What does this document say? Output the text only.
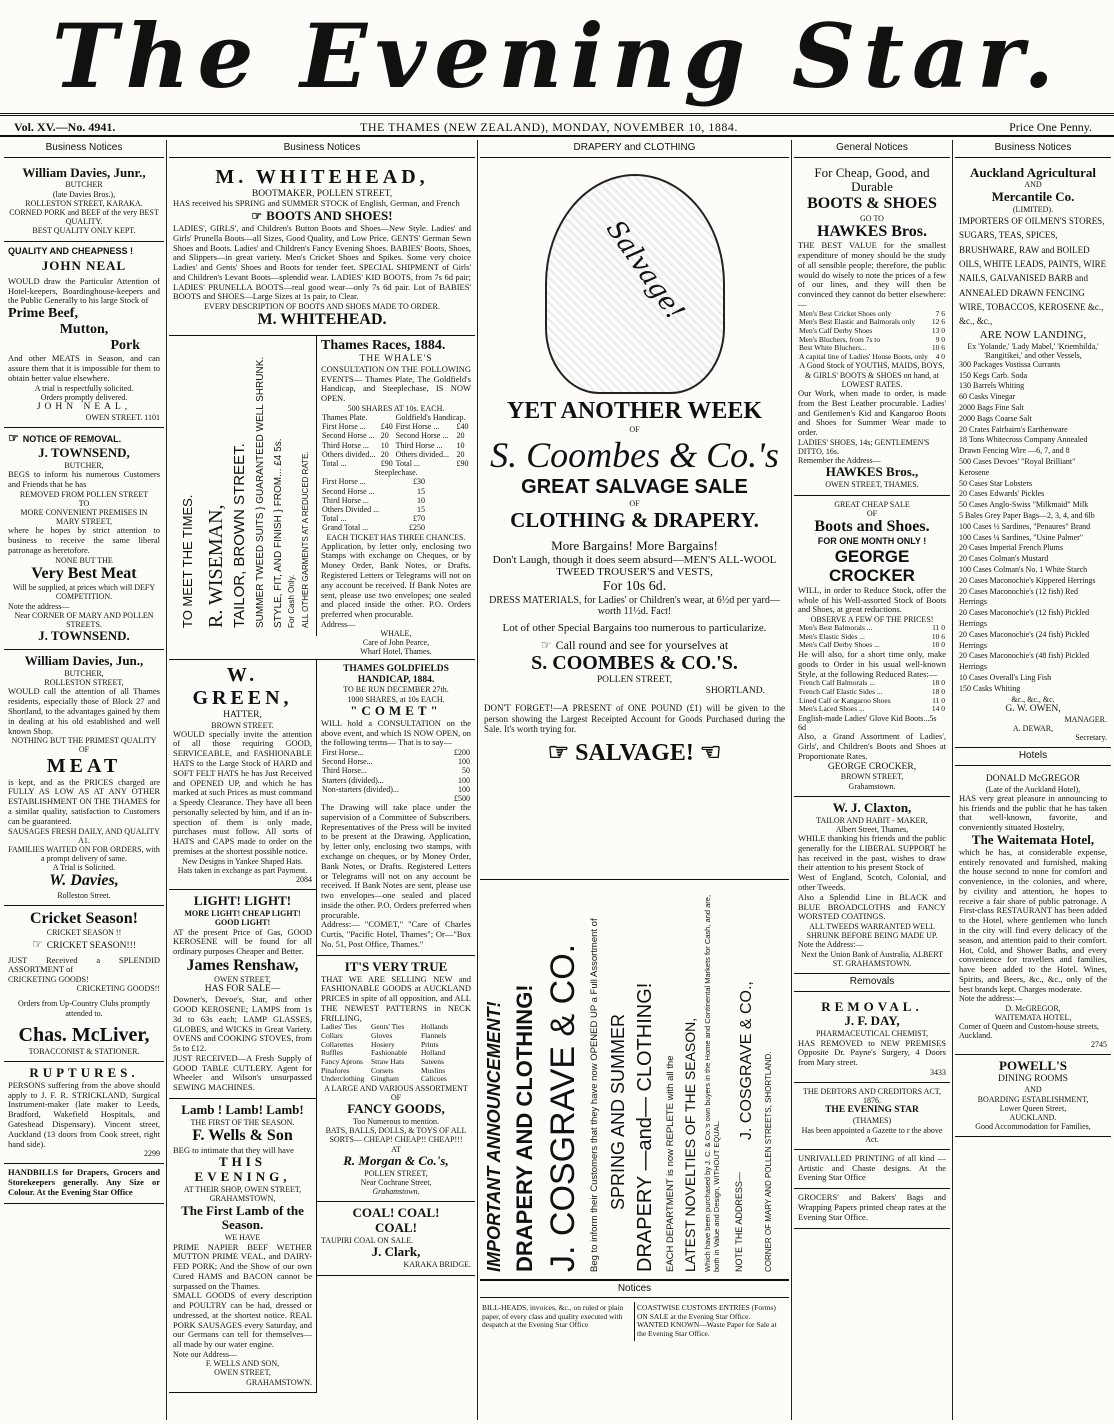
The Evening Star.
Vol. XV.—No. 4941.	THE THAMES (NEW ZEALAND), MONDAY, NOVEMBER 10, 1884.	Price One Penny.
Business Notices
William Davies, Junr.,
BUTCHER
(late Davies Bros.),
ROLLESTON STREET, KARAKA.
CORNED PORK and BEEF of the very BEST QUALITY.
BEST QUALITY ONLY KEPT.
QUALITY AND CHEAPNESS !
JOHN NEAL
WOULD draw the Particular Attention of Hotel-keepers, Boardinghouse-keepers and the Public Generally to his large Stock of
Prime Beef,
Mutton,
Pork
And other MEATS in Season, and can assure them that it is impossible for them to obtain better value elsewhere.
A trial is respectfully solicited.
Orders promptly delivered.
JOHN NEAL,
OWEN STREET. 1101
☞ NOTICE OF REMOVAL.
J. TOWNSEND,
BUTCHER,
BEGS to inform his numerous Customers and Friends that he has
REMOVED FROM POLLEN STREET
TO
MORE CONVENIENT PREMISES IN MARY STREET,
where he hopes by strict attention to business to receive the same liberal patronage as heretofore.
NONE BUT THE
Very Best Meat
Will be supplied, at prices which will DEFY COMPETITION.
Note the address—
Near CORNER OF MARY AND POLLEN STREETS.
J. TOWNSEND.
William Davies, Jun.,
BUTCHER,
ROLLESTON STREET,
WOULD call the attention of all Thames residents, especially those of Block 27 and Shortland, to the advantages gained by them in dealing at his old established and well known Shop.
NOTHING BUT THE PRIMEST QUALITY OF
MEAT
is kept, and as the PRICES charged are FULLY AS LOW AS AT ANY OTHER ESTABLISHMENT ON THE THAMES for a similar quality, satisfaction to Customers can be guaranteed.
SAUSAGES FRESH DAILY, AND QUALITY A1.
FAMILIES WAITED ON FOR ORDERS, with a prompt delivery of same.
A Trial is Solicited.
W. Davies,
Rolleston Street.
Cricket Season!
CRICKET SEASON !!
☞ CRICKET SEASON!!!
JUST Received a SPLENDID ASSORTMENT of
CRICKETING GOODS!
CRICKETING GOODS!!
Orders from Up-Country Clubs promptly attended to.
Chas. McLiver,
TOBACCONIST & STATIONER.
RUPTURES.
PERSONS suffering from the above should apply to J. F. R. STRICKLAND, Surgical Instrument-maker (late maker to Leeds, Bradford, Wakefield Hospitals, and Gateshead Dispensary). Vincent street, Auckland (13 doors from Cook street, right hand side).
2299
HANDBILLS for Drapers, Grocers and Storekeepers generally. Any Size or Colour. At the Evening Star Office
Business Notices
M. WHITEHEAD,
BOOTMAKER, POLLEN STREET,
HAS received his SPRING and SUMMER STOCK of English, German, and French
☞ BOOTS AND SHOES!
LADIES', GIRLS', and Children's Button Boots and Shoes—New Style. Ladies' and Girls' Prunella Boots—all Sizes, Good Quality, and Low Price. GENTS' German Sewn Shoes and Boots. Ladies' and Children's Fancy Evening Shoes. BABIES' Boots, Shoes, and Slippers—in great variety. Men's Cricket Shoes and Spikes. Some very choice Ladies' and Gents' Shoes and Boots for tender feet. SPECIAL SHIPMENT of Girls' and Children's Levant Boots—splendid wear. LADIES' KID BOOTS, from 7s 6d pair; LADIES' PRUNELLA BOOTS—real good wear—only 7s 6d pair. Lot of BABIES' BOOTS and SHOES—Large Sizes at 1s pair, to Clear.
EVERY DESCRIPTION OF BOOTS AND SHOES MADE TO ORDER.
M. WHITEHEAD.
TO MEET THE TIMES. R. WISEMAN, TAILOR, BROWN STREET. SUMMER TWEED SUITS } GUARANTEED WELL SHRUNK. STYLE, FIT, AND FINISH } FROM... £4 5s. For Cash Only. ALL OTHER GARMENTS AT A REDUCED RATE.
Thames Races, 1884.
THE WHALE'S
CONSULTATION ON THE FOLLOWING EVENTS— Thames Plate, The Goldfield's Handicap, and Steeplechase, IS NOW OPEN.
500 SHARES AT 10s. EACH.
Thames Plate.		Goldfield's Handicap.	
First Horse ...	£40	First Horse ...	£40
Second Horse ...	20	Second Horse ...	20
Third Horse ...	10	Third Horse ...	10
Others divided...	20	Others divided...	20
Total ...	£90	Total ...	£90
Steeplechase.
First Horse ...	£30
Second Horse ...	15
Third Horse ...	10
Others Divided ...	15
Total ...	£70
Grand Total ...	£250
EACH TICKET HAS THREE CHANCES.
Application, by letter only, enclosing two Stamps with exchange on Cheques, or by Money Order, Bank Notes, or Drafts. Registered Letters or Telegrams will not on any account be received. If Bank Notes are sent, please use two envelopes; one sealed and placed inside the other. P.O. Orders preferred when procurable.
Address—
WHALE,
Care of John Pearce,
Wharf Hotel, Thames.
W. GREEN,
HATTER,
BROWN STREET.
WOULD specially invite the attention of all those requiring GOOD, SERVICEABLE, and FASHIONABLE HATS to the Large Stock of HARD and SOFT FELT HATS he has Just Received and OPENED UP, and which he has marked at such Prices as must command a Speedy Clearance. They have all been personally selected by him, and if an in-spection of them is only made, purchases must follow. All sorts of HATS and CAPS made to order on the premises at the shortest possible notice.
New Designs in Yankee Shaped Hats.
Hats taken in exchange as part Payment.
2084
LIGHT! LIGHT!
MORE LIGHT! CHEAP LIGHT! GOOD LIGHT!
AT the present Price of Gas, GOOD KEROSENE will be found for all ordinary purposes Cheaper and Better.
James Renshaw,
OWEN STREET,
HAS FOR SALE—
Downer's, Devoe's, Star, and other GOOD KEROSENE; LAMPS from 1s 3d to 63s each; LAMP GLASSES, GLOBES, and WICKS in Great Variety. OVENS and COOKING STOVES, from 5s to £12.
JUST RECEIVED—A Fresh Supply of GOOD TABLE CUTLERY. Agent for Wheeler and Wilson's unsurpassed SEWING MACHINES.
Lamb ! Lamb! Lamb!
THE FIRST OF THE SEASON.
F. Wells & Son
BEG to intimate that they will have
THIS EVENING,
AT THEIR SHOP, OWEN STREET, GRAHAMSTOWN,
The First Lamb of the Season.
WE HAVE
PRIME NAPIER BEEF WETHER MUTTON PRIME VEAL, and DAIRY-FED PORK; And the Show of our own Cured HAMS and BACON cannot be surpassed on the Thames.
SMALL GOODS of every description and POULTRY can be had, dressed or undressed, at the shortest notice. REAL PORK SAUSAGES every Saturday, and our Germans can tell for themselves—all made by our water engine.
Note our Address—
F. WELLS AND SON,
OWEN STREET,
GRAHAMSTOWN.
THAMES GOLDFIELDS HANDICAP, 1884.
TO BE RUN DECEMBER 27th.
1000 SHARES, at 10s EACH.
"COMET"
WILL hold a CONSULTATION on the above event, and which IS NOW OPEN, on the following terms— That is to say—
First Horse...	£200
Second Horse...	100
Third Horse...	50
Starters (divided)...	100
Non-starters (divided)...	100
	£500
The Drawing will take place under the supervision of a Committee of Subscribers. Representatives of the Press will be invited to be present at the Drawing. Application, by letter only, enclosing two stamps, with exchange on cheques, or by Money Order, Bank Notes, or Drafts. Registered Letters or Telegrams will not on any account be received. If Bank Notes are sent, please use two envelopes—one sealed and placed inside the other. P.O. Orders preferred when procurable.
Address:— "COMET," "Care of Charles Curtis, "Pacific Hotel, Thames"; Or—"Box No. 51, Post Office, Thames."
IT'S VERY TRUE
THAT WE ARE SELLING NEW and FASHIONABLE GOODS at AUCKLAND PRICES in spite of all opposition, and ALL THE NEWEST PATTERNS in NECK FRILLING,
Ladies' Ties	Gents' Ties	Hollands
Collars	Gloves	Flannels
Collarettes	Hosiery	Prints
Ruffles	Fashionable	Holland
Fancy Aprons	Straw Hats	Sateens
Pinafores	Corsets	Muslins
Underclothing Gingham	Calicoes
A LARGE AND VARIOUS ASSORTMENT OF
FANCY GOODS,
Too Numerous to mention.
BATS, BALLS, DOLLS, & TOYS OF ALL SORTS— CHEAP! CHEAP!! CHEAP!!!
AT
R. Morgan & Co.'s,
POLLEN STREET,
Near Cochrane Street,
Grahamstown.
COAL! COAL!
COAL!
TAUPIRI COAL ON SALE.
J. Clark,
KARAKA BRIDGE.
DRAPERY and CLOTHING
Salvage!
YET ANOTHER WEEK
OF
S. Coombes & Co.'s
GREAT SALVAGE SALE
OF
CLOTHING & DRAPERY.
More Bargains! More Bargains!
Don't Laugh, though it does seem absurd—MEN'S ALL-WOOL TWEED TROUSER'S and VESTS,
For 10s 6d.
DRESS MATERIALS, for Ladies' or Children's wear, at 6½d per yard—worth 11½d. Fact!
Lot of other Special Bargains too numerous to particularize.
☞ Call round and see for yourselves at
S. COOMBES & CO.'S.
POLLEN STREET,
SHORTLAND.
DON'T FORGET!—A PRESENT of ONE POUND (£1) will be given to the person showing the Largest Receipted Account for Goods Purchased during the Sale. It's worth trying for.
☞ SALVAGE! ☜
IMPORTANT ANNOUNCEMENT! DRAPERY AND CLOTHING! J. COSGRAVE & CO. Beg to inform their Customers that they have now OPENED UP a Full Assortment of SPRING AND SUMMER DRAPERY —and— CLOTHING! EACH DEPARTMENT is now REPLETE with all the LATEST NOVELTIES OF THE SEASON, Which have been purchased by J. C. & Co.'s own buyers in the Home and Continental Markets for Cash, and are, both in Value and Design, WITHOUT EQUAL. NOTE THE ADDRESS—
J. COSGRAVE & CO., CORNER OF MARY AND POLLEN STREETS, SHORTLAND.
Notices
BILL-HEADS, invoices, &c., on ruled or plain paper, of every class and quality executed with despatch at the Evening Star Office
COASTWISE CUSTOMS ENTRIES (Forms) ON SALE at the Evening Star Office.
WANTED KNOWN—Waste Paper for Sale at the Evening Star Office.
General Notices
For Cheap, Good, and Durable
BOOTS & SHOES
GO TO
HAWKES Bros.
THE BEST VALUE for the smallest expenditure of money should be the study of all sensible people; therefore, the public would do wisely to note the prices of a few of our lines, and they will then be convinced they cannot do better elsewhere:—
Men's Best Cricket Shoes only	7 6
Men's Best Elastic and Balmorals only	12 6
Men's Calf Derby Shoes	13 0
Men's Bluchers, from 7s to	9 0
Best White Bluchers...	10 6
A capital line of Ladies' House Boots, only	4 0
A Good Stock of YOUTHS, MAIDS, BOYS, & GIRLS' BOOTS & SHOES on hand, at LOWEST RATES.
Our Work, when made to order, is made from the Best Leather procurable. Ladies' and Gentlemen's Kid and Kangaroo Boots and Shoes for Summer Wear made to order.
LADIES' SHOES, 14s; GENTLEMEN'S DITTO, 16s.
Remember the Address—
HAWKES Bros.,
OWEN STREET, THAMES.
GREAT CHEAP SALE
OF
Boots and Shoes.
FOR ONE MONTH ONLY !
GEORGE CROCKER
WILL, in order to Reduce Stock, offer the whole of his Well-assorted Stock of Boots and Shoes, at great reductions.
OBSERVE A FEW OF THE PRICES!
Men's Best Balmorals ...	11 0
Men's Elastic Sides ...	10 6
Men's Calf Derby Shoes ...	10 0
He will also, for a short time only, make goods to Order in his usual well-known Style, at the following Reduced Rates:—
French Calf Balmorals ...	18 0
French Calf Elastic Sides ...	18 0
Lined Calf or Kangaroo Shoes	11 0
Men's Laced Shoes ...	14 0
English-made Ladies' Glove Kid Boots...5s 6d
Also, a Grand Assortment of Ladies', Girls', and Children's Boots and Shoes at Proportionate Rates.
GEORGE CROCKER,
BROWN STREET,
Grahamstown.
W. J. Claxton,
TAILOR AND HABIT - MAKER,
Albert Street, Thames,
WHILE thanking his friends and the public generally for the LIBERAL SUPPORT he has received in the past, wishes to draw their attention to his present Stock of
West of England, Scotch, Colonial, and other Tweeds.
Also a Splendid Line in BLACK and BLUE BROADCLOTHS and FANCY WORSTED COATINGS.
ALL TWEEDS WARRANTED WELL SHRUNK BEFORE BEING MADE UP.
Note the Address:—
Next the Union Bank of Australia, ALBERT ST. GRAHAMSTOWN.
Removals
REMOVAL.
J. F. DAY,
PHARMACEUTICAL CHEMIST,
HAS REMOVED to NEW PREMISES Opposite Dr. Payne's Surgery, 4 Doors from Mary street.
3433
THE DEBTORS AND CREDITORS ACT, 1876.
THE EVENING STAR
(THAMES)
Has been appointed a Gazette to r the above Act.
UNRIVALLED PRINTING of all kind —Artistic and Chaste designs. At the Evening Star Office
GROCERS' and Bakers' Bags and Wrapping Papers printed cheap rates at the Evening Star Office.
Business Notices
Auckland Agricultural
AND
Mercantile Co.
(LIMITED).
IMPORTERS OF OILMEN'S STORES, SUGARS, TEAS, SPICES, BRUSHWARE, RAW and BOILED OILS, WHITE LEADS, PAINTS, WIRE NAILS, GALVANISED BARB and ANNEALED DRAWN FENCING WIRE, TOBACCOS, KEROSENE &c., &c., &c.,
ARE NOW LANDING,
Ex 'Yolande,' 'Lady Mabel,' 'Kriemhilda,' 'Rangitikei,' and other Vessels,
300 Packages Vostissa Currants
150 Kegs Carb. Soda
130 Barrels Whiting
60 Casks Vinegar
2000 Bags Fine Salt
2000 Bags Coarse Salt
20 Crates Fairbairn's Earthenware
18 Tons Whitecross Company Annealed Drawn Fencing Wire —6, 7, and 8
500 Cases Devoes' "Royal Brilliant" Kerosene
50 Cases Star Lobsters
20 Cases Edwards' Pickles
50 Cases Anglo-Swiss "Milkmaid" Milk
5 Bales Grey Paper Bags—2, 3, 4, and 6lb
100 Cases ½ Sardines, "Penaures" Brand
100 Cases ¼ Sardines, "Usine Palmer"
20 Cases Imperial French Plums
20 Cases Colman's Mustard
100 Cases Colman's No. 1 White Starch
20 Cases Maconochie's Kippered Herrings
20 Cases Maconochie's (12 fish) Red Herrings
20 Cases Maconochie's (12 fish) Pickled Herrings
20 Cases Maconochie's (24 fish) Pickled Herrings
20 Cases Maconochie's (48 fish) Pickled Herrings
10 Cases Overall's Ling Fish
150 Casks Whiting
&c., &c., &c.
G. W. OWEN,
MANAGER.
A. DEWAR,
Secretary.
Hotels
DONALD McGREGOR
(Late of the Auckland Hotel),
HAS very great pleasure in announcing to his friends and the public that he has taken that well-known, favorite, and conveniently situated Hostelry,
The Waitemata Hotel,
which he has, at considerable expense, entirely renovated and furnished, making the house second to none for comfort and convenience, in the colonies, and where, by civility and attention, he hopes to receive a fair share of public patronage. A First-class RESTAURANT has been added to the Hotel, where gentlemen who lunch in the city will find every delicacy of the season, and attention paid to their comfort. Hot, Cold, and Shower Baths, and every convenience for travellers and families, have been added to the Hotel. Wines, Spirits, and Beers, &c., &c., only of the best brands kept. Charges moderate.
Note the address:—
D. McGREGOR,
WAITEMATA HOTEL,
Corner of Queen and Custom-house streets, Auckland.
2745
POWELL'S
DINING ROOMS
AND
BOARDING ESTABLISHMENT,
Lower Queen Street,
AUCKLAND.
Good Accommodation for Families,
